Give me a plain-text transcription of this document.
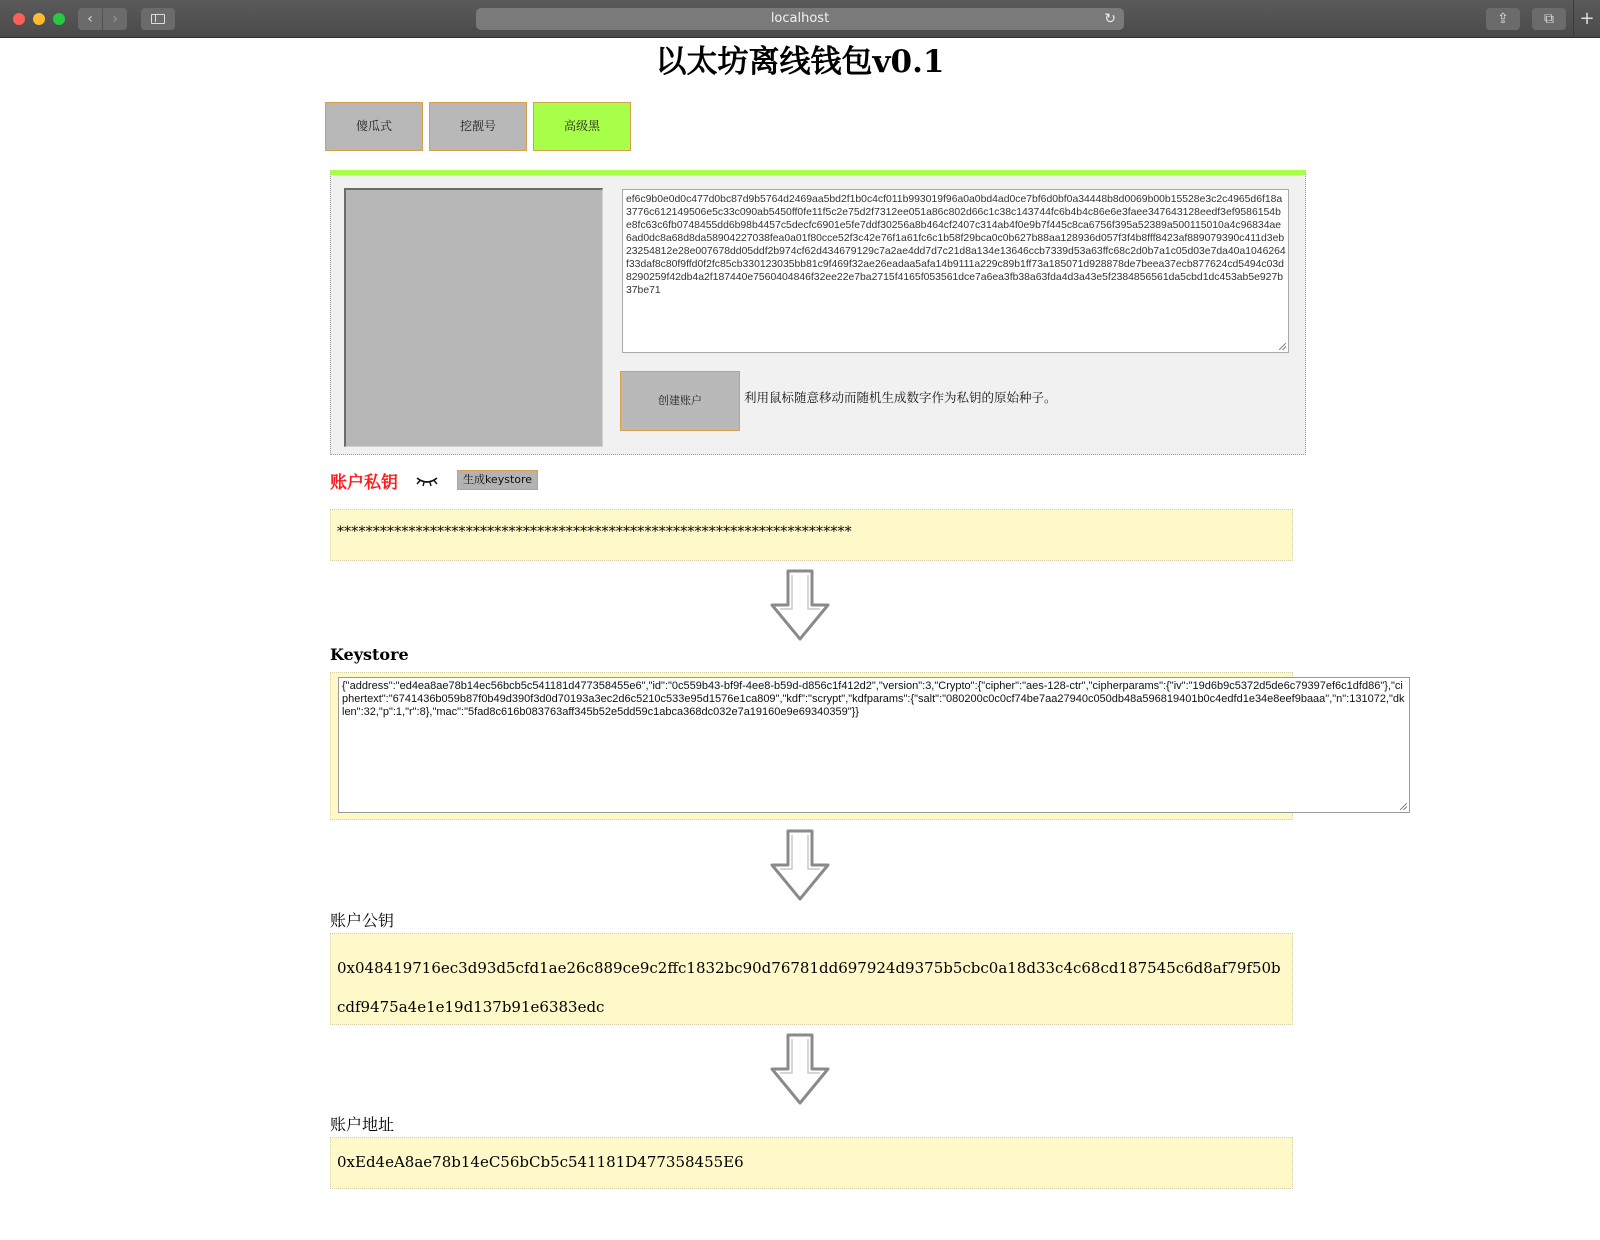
‹	›	localhost	↻	⇪	⧉	+
以太坊离线钱包v0.1
傻瓜式	挖靓号	高级黑
ef6c9b0e0d0c477d0bc87d9b5764d2469aa5bd2f1b0c4cf011b993019f96a0a0bd4ad0ce7bf6d0bf0a34448b8d0069b00b15528e3c2c4965d6f18a3776c612149506e5c33c090ab5450ff0fe11f5c2e75d2f7312ee051a86c802d66c1c38c143744fc6b4b4c86e6e3faee347643128eedf3ef9586154be8fc63c6fb0748455dd6b98b4457c5decfc6901e5fe7ddf30256a8b464cf2407c314ab4f0e9b7f445c8ca6756f395a52389a500115010a4c96834ae6ad0dc8a68d8da58904227038fea0a01f80cce52f3c42e76f1a61fc6c1b58f29bca0c0b627b88aa128936d057f3f4b8fff8423af889079390c411d3eb23254812e28e007678dd05ddf2b974cf62d434679129c7a2ae4dd7d7c21d8a134e13646ccb7339d53a63ffc68c2d0b7a1c05d03e7da40a1046264f33daf8c80f9ffd0f2fc85cb330123035bb81c9f469f32ae26eadaa5afa14b9111a229c89b1ff73a185071d928878de7beea37ecb877624cd5494c03d8290259f42db4a2f187440e7560404846f32ee22e7ba2715f4165f053561dce7a6ea3fb38a63fda4d3a43e5f2384856561da5cbd1dc453ab5e927b37be71
创建账户	利用鼠标随意移动而随机生成数字作为私钥的原始种子。
账户私钥	生成keystore
************************************************************************
Keystore
{"address":"ed4ea8ae78b14ec56bcb5c541181d477358455e6","id":"0c559b43-bf9f-4ee8-b59d-d856c1f412d2","version":3,"Crypto":{"cipher":"aes-128-ctr","cipherparams":{"iv":"19d6b9c5372d5de6c79397ef6c1dfd86"},"ciphertext":"6741436b059b87f0b49d390f3d0d70193a3ec2d6c5210c533e95d1576e1ca809","kdf":"scrypt","kdfparams":{"salt":"080200c0c0cf74be7aa27940c050db48a596819401b0c4edfd1e34e8eef9baaa","n":131072,"dklen":32,"p":1,"r":8},"mac":"5fad8c616b083763aff345b52e5dd59c1abca368dc032e7a19160e9e69340359"}}
账户公钥
0x048419716ec3d93d5cfd1ae26c889ce9c2ffc1832bc90d76781dd697924d9375b5cbc0a18d33c4c68cd187545c6d8af79f50bcdf9475a4e1e19d137b91e6383edc
账户地址
0xEd4eA8ae78b14eC56bCb5c541181D477358455E6
